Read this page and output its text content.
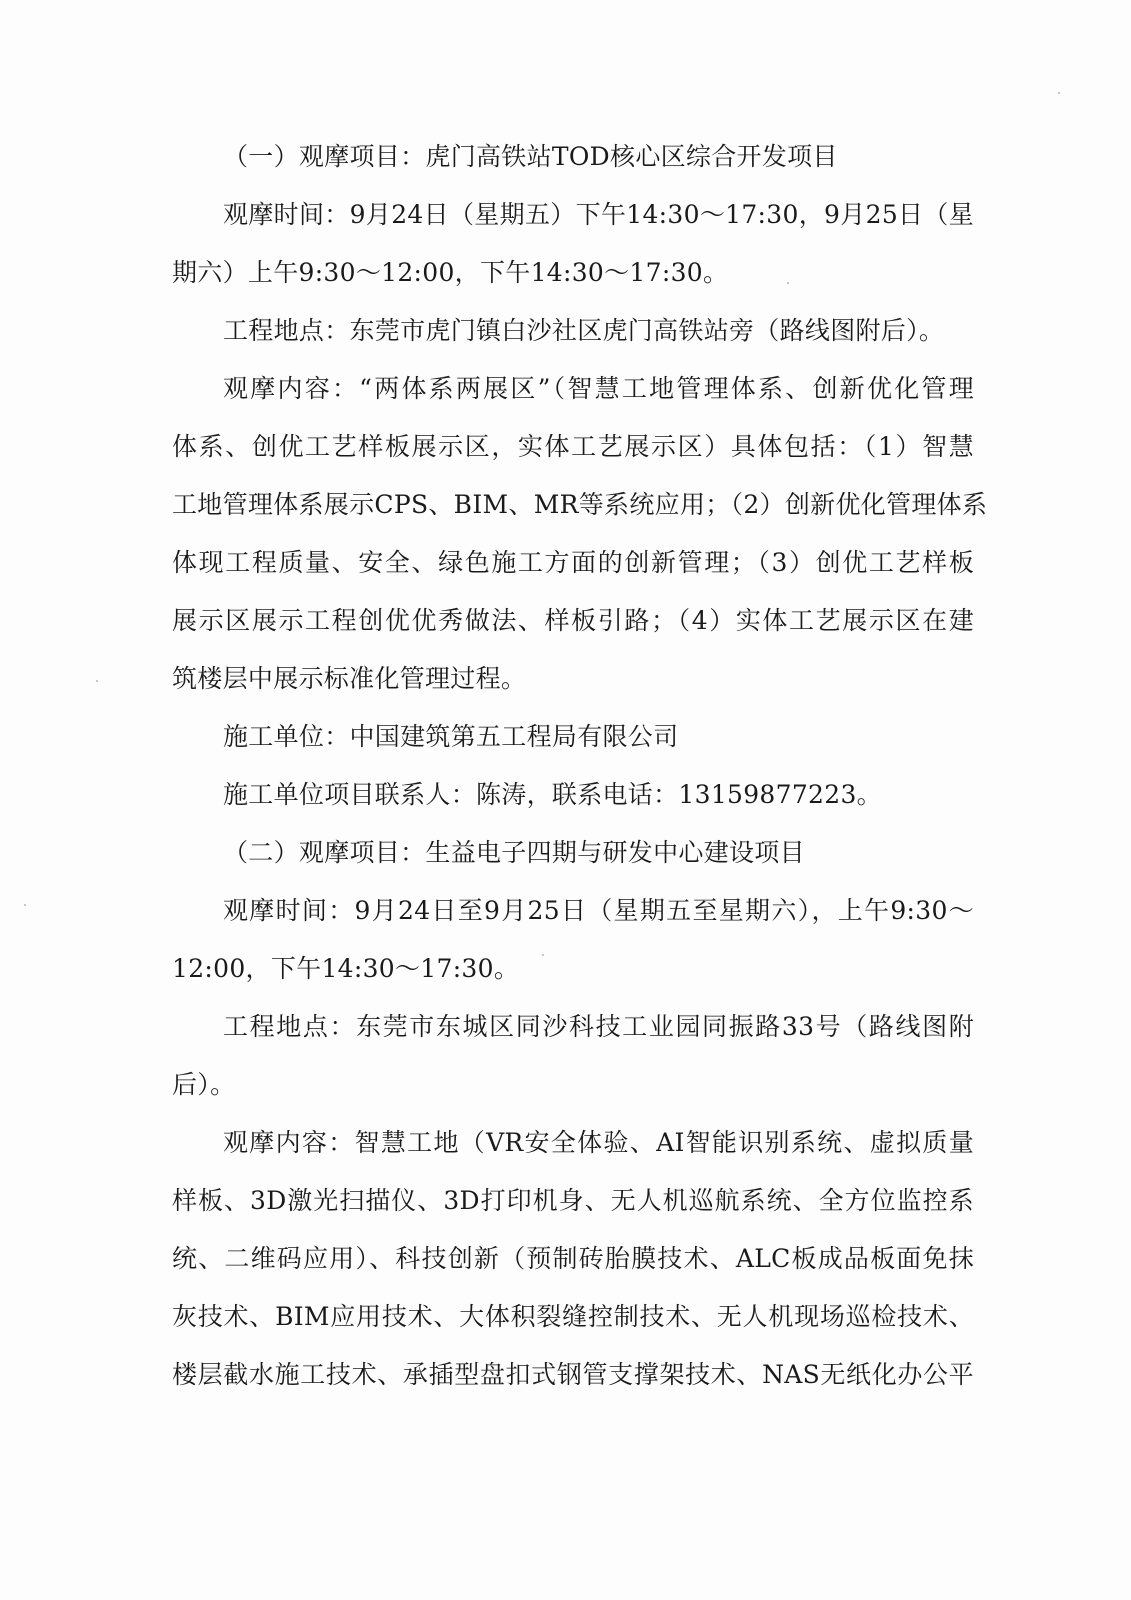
（一）观摩项目：虎门高铁站TOD核心区综合开发项目
观摩时间：9月24日（星期五）下午14:30～17:30，9月25日（星
期六）上午9:30～12:00，下午14:30～17:30。
工程地点：东莞市虎门镇白沙社区虎门高铁站旁（路线图附后）。
观摩内容：“两体系两展区”（智慧工地管理体系、创新优化管理
体系、创优工艺样板展示区，实体工艺展示区）具体包括：（1）智慧
工地管理体系展示CPS、BIM、MR等系统应用；（2）创新优化管理体系
体现工程质量、安全、绿色施工方面的创新管理；（3）创优工艺样板
展示区展示工程创优优秀做法、样板引路；（4）实体工艺展示区在建
筑楼层中展示标准化管理过程。
施工单位：中国建筑第五工程局有限公司
施工单位项目联系人：陈涛，联系电话：13159877223。
（二）观摩项目：生益电子四期与研发中心建设项目
观摩时间：9月24日至9月25日（星期五至星期六），上午9:30～
12:00，下午14:30～17:30。
工程地点：东莞市东城区同沙科技工业园同振路33号（路线图附
后）。
观摩内容：智慧工地（VR安全体验、AI智能识别系统、虚拟质量
样板、3D激光扫描仪、3D打印机身、无人机巡航系统、全方位监控系
统、二维码应用）、科技创新（预制砖胎膜技术、ALC板成品板面免抹
灰技术、BIM应用技术、大体积裂缝控制技术、无人机现场巡检技术、
楼层截水施工技术、承插型盘扣式钢管支撑架技术、NAS无纸化办公平
